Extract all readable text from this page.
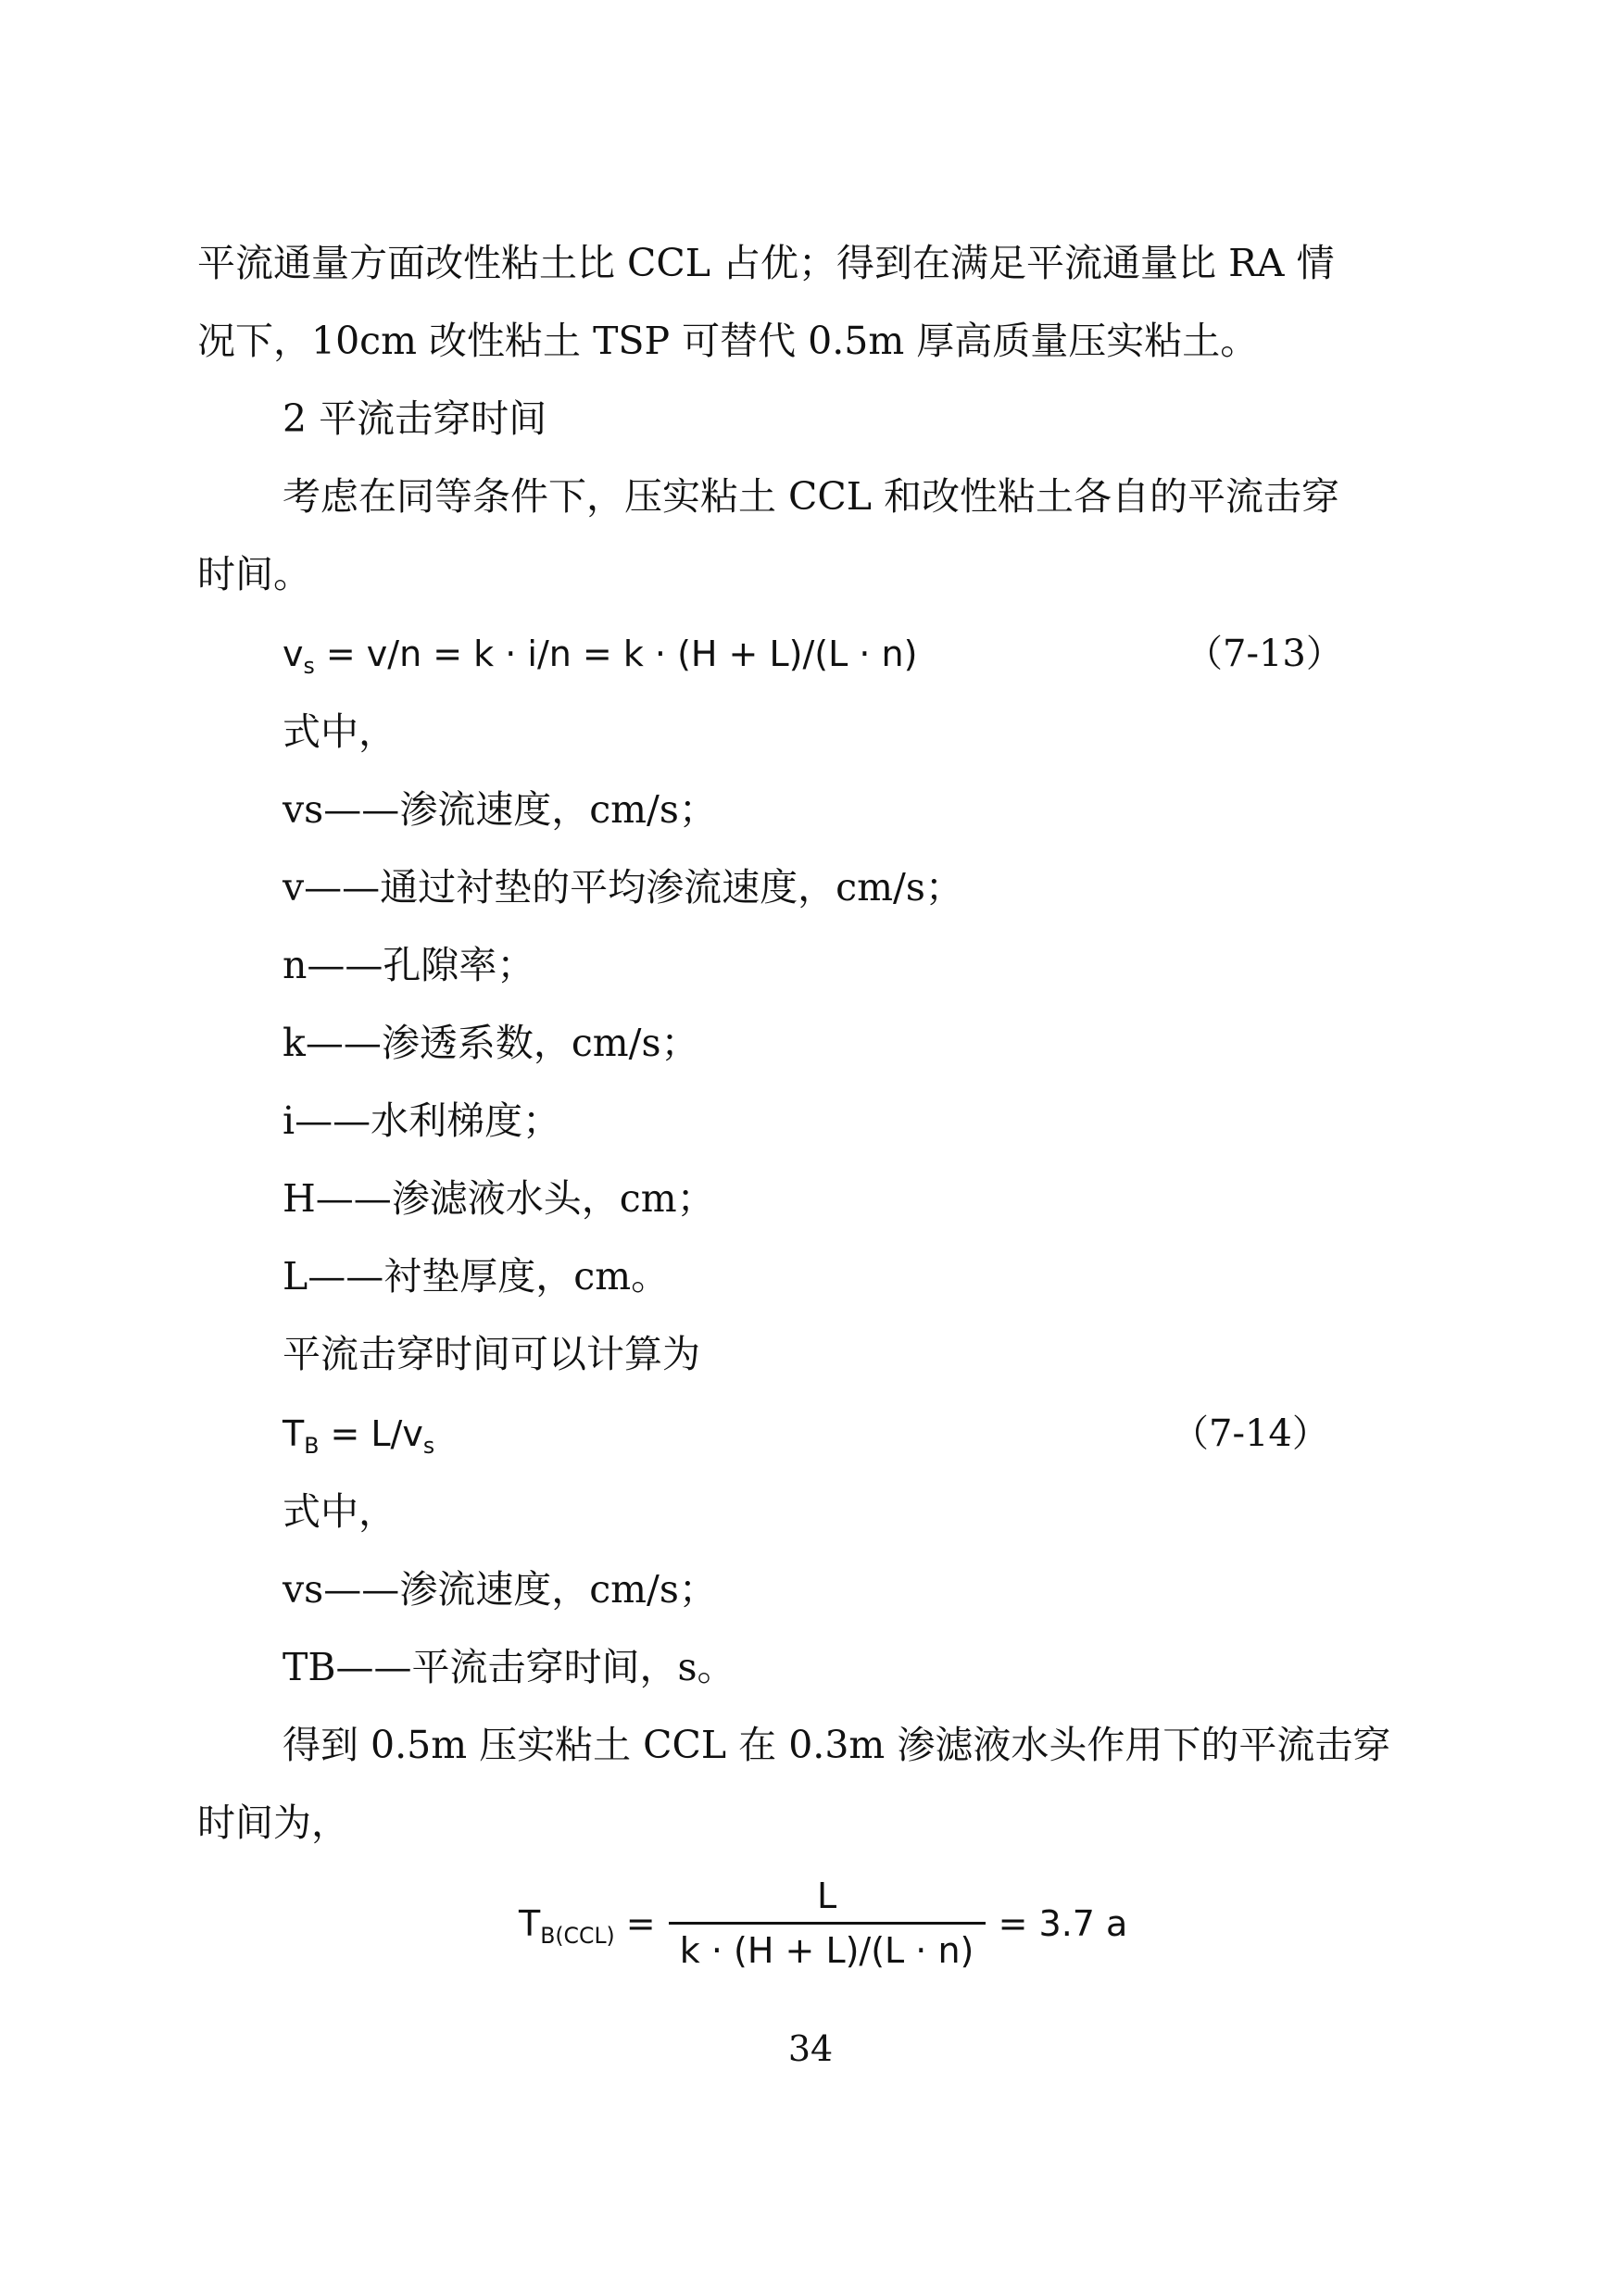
平流通量方面改性粘土比 CCL 占优；得到在满足平流通量比 RA 情
况下，10cm 改性粘土 TSP 可替代 0.5m 厚高质量压实粘土。
2 平流击穿时间
考虑在同等条件下，压实粘土 CCL 和改性粘土各自的平流击穿
时间。
$v_s = v/n = k \cdot i/n = k \cdot (H + L)/(L \cdot n)$	（7-13）
式中，
vs——渗流速度，cm/s；
v——通过衬垫的平均渗流速度，cm/s；
n——孔隙率；
k——渗透系数，cm/s；
i——水利梯度；
H——渗滤液水头，cm；
L——衬垫厚度，cm。
平流击穿时间可以计算为
$T_B = L/v_s$	（7-14）
式中，
vs——渗流速度，cm/s；
TB——平流击穿时间，s。
得到 0.5m 压实粘土 CCL 在 0.3m 渗滤液水头作用下的平流击穿
时间为，
$T_{B(CCL)} = \frac{L}{k \cdot (H + L)/(L \cdot n)} = 3.7$ a
34
